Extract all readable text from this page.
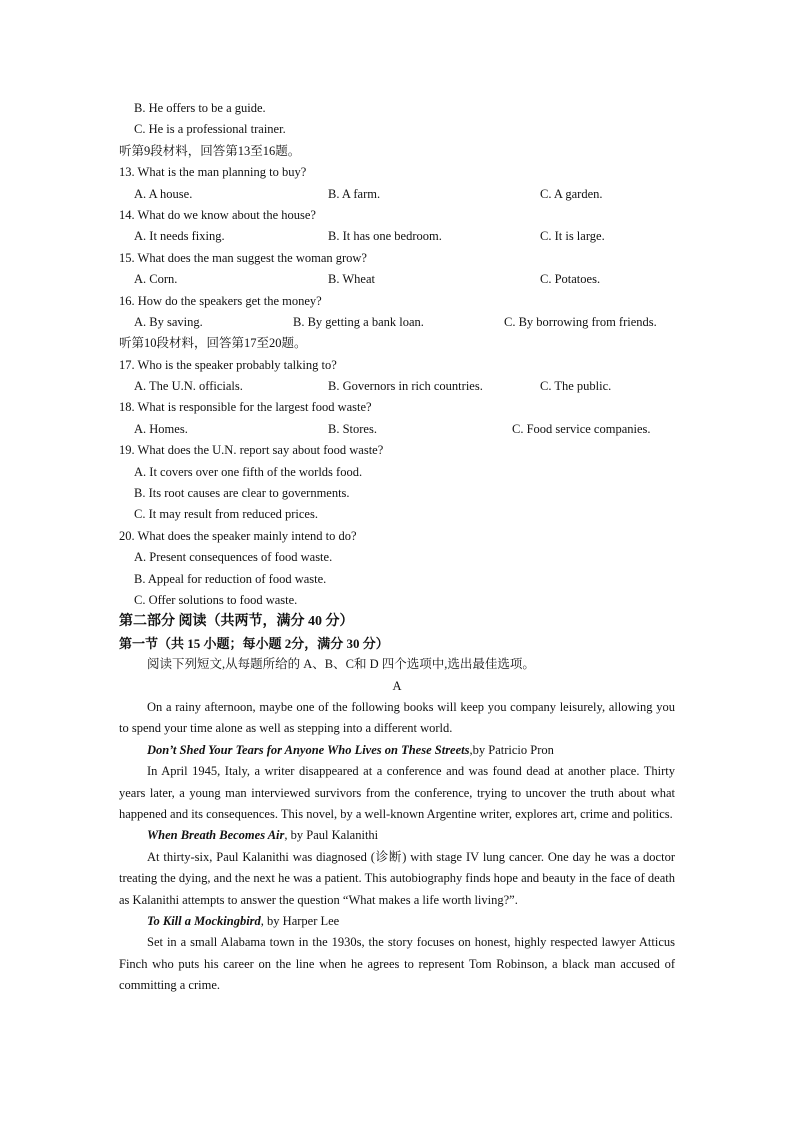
B. He offers to be a guide.
C. He is a professional trainer.
听第9段材料，回答第13至16题。
13. What is the man planning to buy?
A. A house.	B. A farm.	C. A garden.
14. What do we know about the house?
A. It needs fixing.	B. It has one bedroom.	C. It is large.
15. What does the man suggest the woman grow?
A. Corn.	B. Wheat	C. Potatoes.
16. How do the speakers get the money?
A. By saving.	B. By getting a bank loan.	C. By borrowing from friends.
听第10段材料，回答第17至20题。
17. Who is the speaker probably talking to?
A. The U.N. officials.	B. Governors in rich countries.	C. The public.
18. What is responsible for the largest food waste?
A. Homes.	B. Stores.	C. Food service companies.
19. What does the U.N. report say about food waste?
A. It covers over one fifth of the worlds food.
B. Its root causes are clear to governments.
C. It may result from reduced prices.
20. What does the speaker mainly intend to do?
A. Present consequences of food waste.
B. Appeal for reduction of food waste.
C. Offer solutions to food waste.
第二部分 阅读（共两节，满分 40 分）
第一节（共 15 小题；每小题 2分，满分 30 分）
阅读下列短文,从每题所给的 A、B、C和 D 四个选项中,选出最佳选项。
A
On a rainy afternoon, maybe one of the following books will keep you company leisurely, allowing you to spend your time alone as well as stepping into a different world.
Don’t Shed Your Tears for Anyone Who Lives on These Streets,by Patricio Pron
In April 1945, Italy, a writer disappeared at a conference and was found dead at another place. Thirty years later, a young man interviewed survivors from the conference, trying to uncover the truth about what happened and its consequences. This novel, by a well-known Argentine writer, explores art, crime and politics.
When Breath Becomes Air, by Paul Kalanithi
At thirty-six, Paul Kalanithi was diagnosed (诊断) with stage IV lung cancer. One day he was a doctor treating the dying, and the next he was a patient. This autobiography finds hope and beauty in the face of death as Kalanithi attempts to answer the question “What makes a life worth living?”.
To Kill a Mockingbird, by Harper Lee
Set in a small Alabama town in the 1930s, the story focuses on honest, highly respected lawyer Atticus Finch who puts his career on the line when he agrees to represent Tom Robinson, a black man accused of committing a crime.
